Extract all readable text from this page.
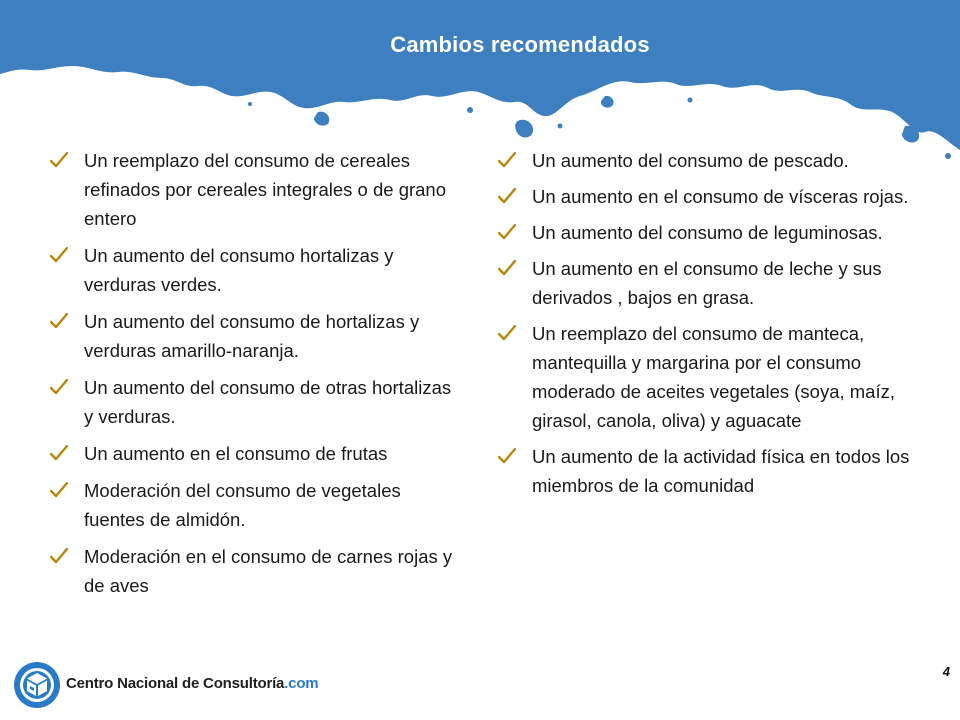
Cambios recomendados
Un reemplazo del consumo de cereales refinados por cereales integrales o de grano entero
Un aumento del consumo hortalizas y verduras verdes.
Un aumento del consumo de hortalizas y verduras amarillo-naranja.
Un aumento del consumo de otras hortalizas y verduras.
Un aumento en el consumo de frutas
Moderación del consumo de vegetales fuentes de almidón.
Moderación en el consumo de carnes rojas y de aves
Un aumento del consumo de pescado.
Un aumento en el consumo de vísceras rojas.
Un aumento del consumo de leguminosas.
Un aumento en el consumo de leche y sus derivados , bajos en grasa.
Un reemplazo del consumo de manteca, mantequilla y margarina por el consumo moderado de aceites vegetales (soya, maíz, girasol, canola, oliva) y aguacate
Un aumento de la actividad física en todos los miembros de la comunidad
Centro Nacional de Consultoría.com
4
